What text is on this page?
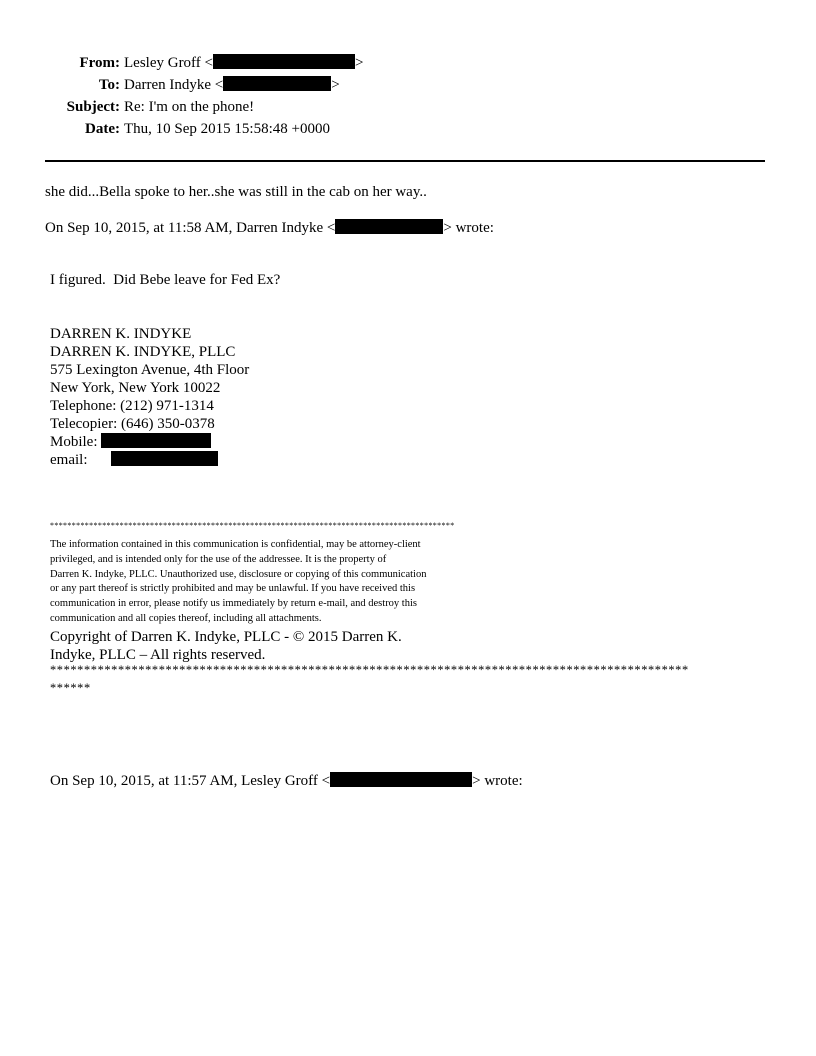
From: Lesley Groff <	>
To: Darren Indyke <	>
Subject: Re: I'm on the phone!
Date: Thu, 10 Sep 2015 15:58:48 +0000
she did...Bella spoke to her..she was still in the cab on her way..
On Sep 10, 2015, at 11:58 AM, Darren Indyke <	> wrote:
I figured.  Did Bebe leave for Fed Ex?
DARREN K. INDYKE
DARREN K. INDYKE, PLLC
575 Lexington Avenue, 4th Floor
New York, New York 10022
Telephone: (212) 971-1314
Telecopier: (646) 350-0378
Mobile:
email:
*********************************************************************************************
The information contained in this communication is confidential, may be attorney-client
privileged, and is intended only for the use of the addressee. It is the property of
Darren K. Indyke, PLLC. Unauthorized use, disclosure or copying of this communication
or any part thereof is strictly prohibited and may be unlawful. If you have received this
communication in error, please notify us immediately by return e-mail, and destroy this
communication and all copies thereof, including all attachments.
Copyright of Darren K. Indyke, PLLC - © 2015 Darren K.
Indyke, PLLC – All rights reserved.
**********************************************************************************************
******
On Sep 10, 2015, at 11:57 AM, Lesley Groff <	> wrote:
